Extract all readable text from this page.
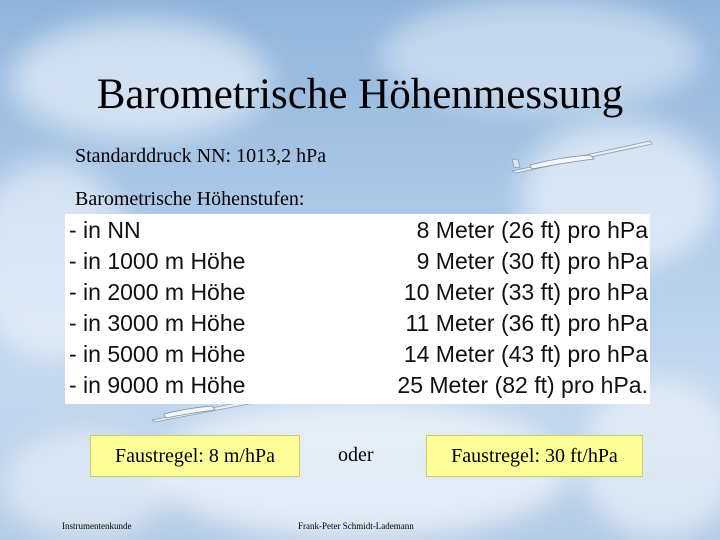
Barometrische Höhenmessung
Standarddruck NN: 1013,2 hPa
Barometrische Höhenstufen:
- in NN	8 Meter (26 ft) pro hPa
- in 1000 m Höhe	9 Meter (30 ft) pro hPa
- in 2000 m Höhe	10 Meter (33 ft) pro hPa
- in 3000 m Höhe	11 Meter (36 ft) pro hPa
- in 5000 m Höhe	14 Meter (43 ft) pro hPa
- in 9000 m Höhe	25 Meter (82 ft) pro hPa.
Faustregel: 8 m/hPa	oder	Faustregel: 30 ft/hPa
Instrumentenkunde	Frank-Peter Schmidt-Lademann
